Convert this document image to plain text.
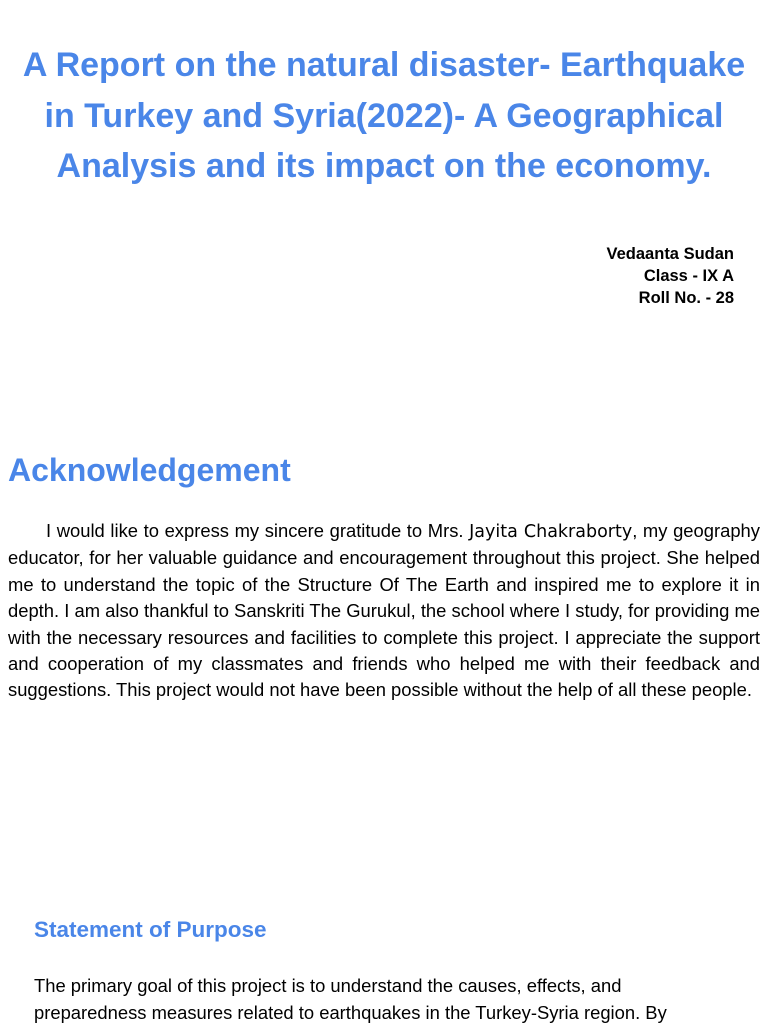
A Report on the natural disaster- Earthquake in Turkey and Syria(2022)- A Geographical Analysis and its impact on the economy.
Vedaanta Sudan
Class - IX A
Roll No. - 28
Acknowledgement

I would like to express my sincere gratitude to Mrs. Jayita Chakraborty, my geography educator, for her valuable guidance and encouragement throughout this project. She helped me to understand the topic of the Structure Of The Earth and inspired me to explore it in depth. I am also thankful to Sanskriti The Gurukul, the school where I study, for providing me with the necessary resources and facilities to complete this project. I appreciate the support and cooperation of my classmates and friends who helped me with their feedback and suggestions. This project would not have been possible without the help of all these people.

Statement of Purpose

The primary goal of this project is to understand the causes, effects, and
preparedness measures related to earthquakes in the Turkey-Syria region. By
